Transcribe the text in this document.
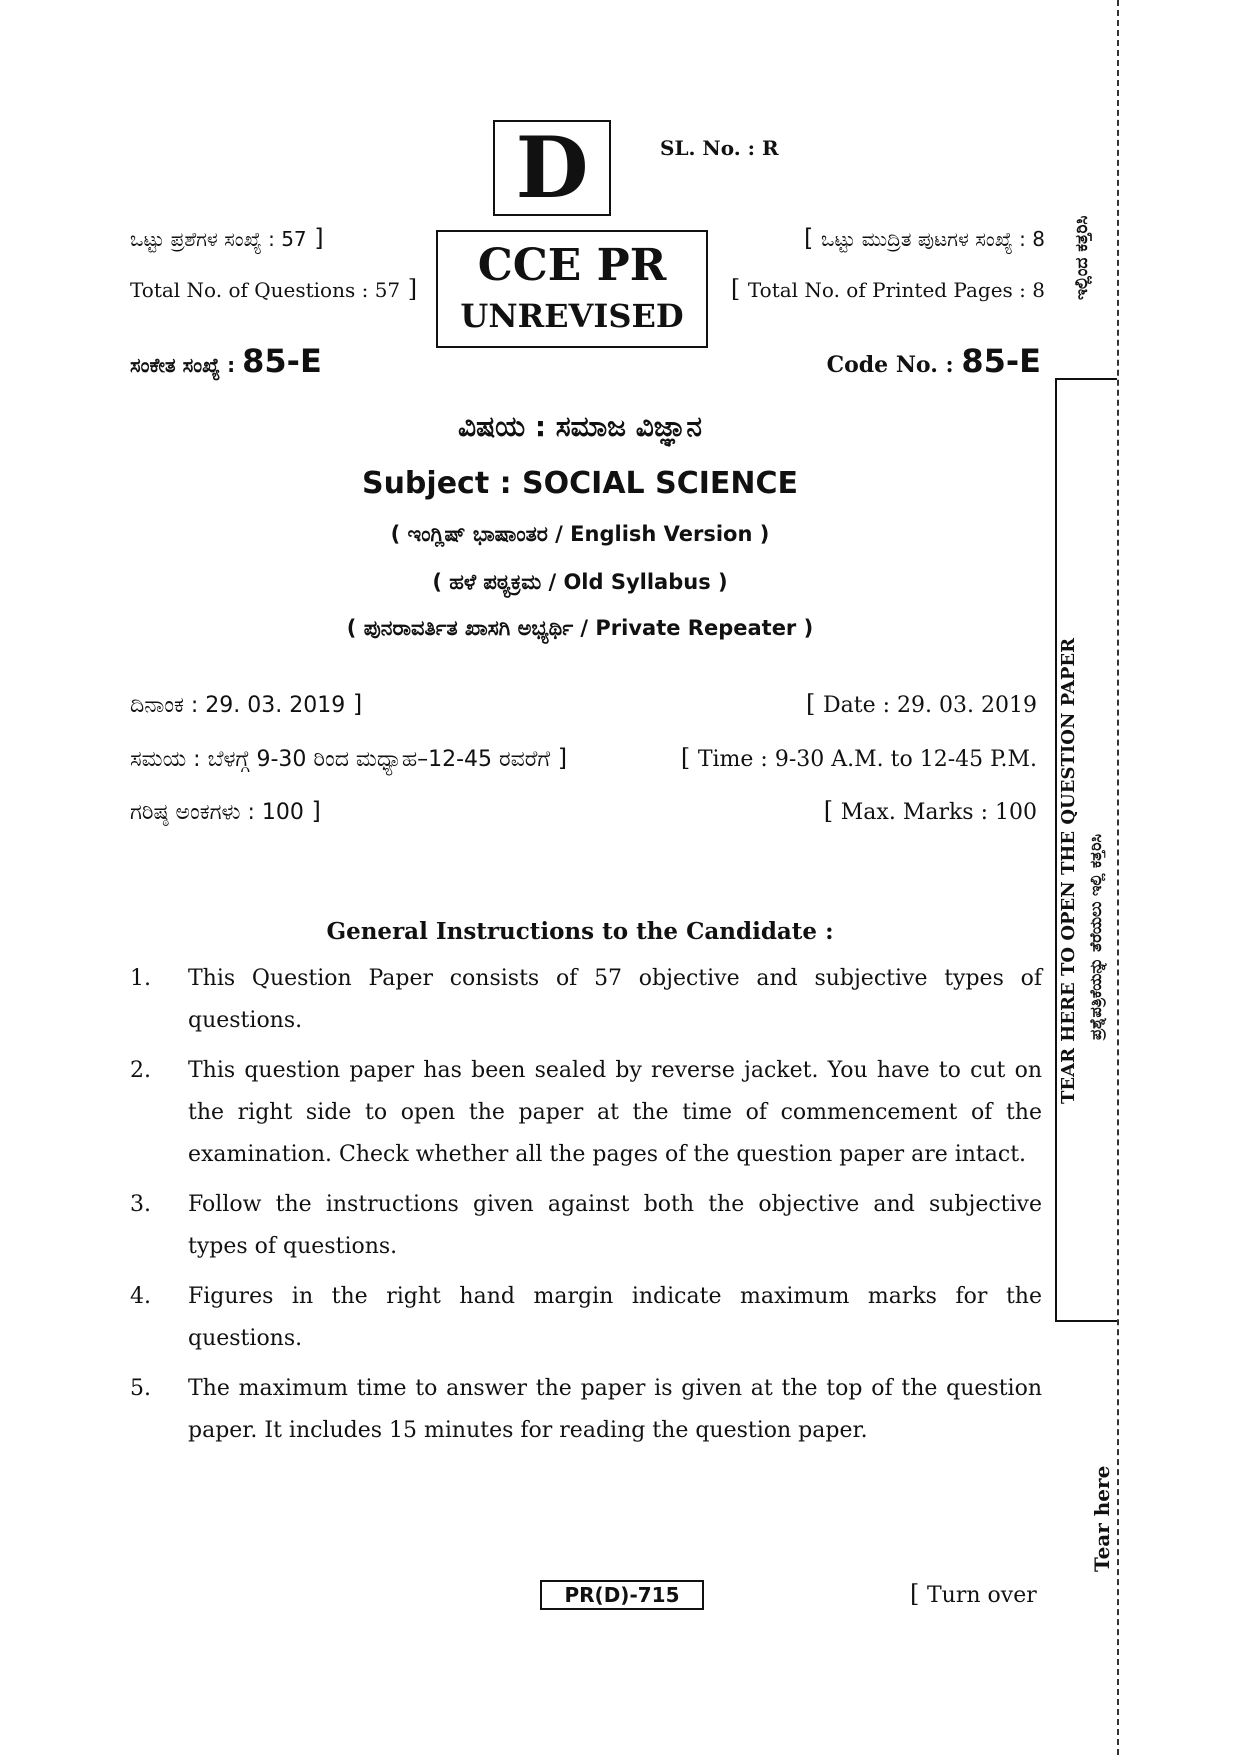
D	SL. No. : R
ಒಟ್ಟು ಪ್ರಶೆಗಳ ಸಂಖ್ಯೆ : 57 ]
Total No. of Questions : 57 ]	CCE PR
UNREVISED
[ ಒಟ್ಟು ಮುದ್ರಿತ ಪುಟಗಳ ಸಂಖ್ಯೆ : 8
[ Total No. of Printed Pages : 8
ಸಂಕೇತ ಸಂಖ್ಯೆ : 85-E	Code No. : 85-E
ವಿಷಯ : ಸಮಾಜ ವಿಜ್ಞಾನ
Subject : SOCIAL SCIENCE
( ಇಂಗ್ಲಿಷ್ ಭಾಷಾಂತರ / English Version )
( ಹಳೆ ಪಠ್ಯಕ್ರಮ / Old Syllabus )
( ಪುನರಾವರ್ತಿತ ಖಾಸಗಿ ಅಭ್ಯರ್ಥಿ / Private Repeater )
ದಿನಾಂಕ : 29. 03. 2019 ]	[ Date : 29. 03. 2019
ಸಮಯ : ಬೆಳಗ್ಗೆ 9-30 ರಿಂದ ಮಧ್ಯಾಹ–12-45 ರವರೆಗೆ ]	[ Time : 9-30 A.M. to 12-45 P.M.
ಗರಿಷ್ಠ ಅಂಕಗಳು : 100 ]	[ Max. Marks : 100
General Instructions to the Candidate :
1.	This Question Paper consists of 57 objective and subjective types of questions.
2.	This question paper has been sealed by reverse jacket. You have to cut on the right side to open the paper at the time of commencement of the examination. Check whether all the pages of the question paper are intact.
3.	Follow the instructions given against both the objective and subjective types of questions.
4.	Figures in the right hand margin indicate maximum marks for the questions.
5.	The maximum time to answer the paper is given at the top of the question paper. It includes 15 minutes for reading the question paper.
PR(D)-715	[ Turn over
ಇಲ್ಲಿಂದ ಕತ್ತರಿಸಿ
TEAR HERE TO OPEN THE QUESTION PAPER ಪ್ರಶ್ನೆಪತ್ರಿಕೆಯನ್ನು ತೆರೆಯಲು ಇಲ್ಲಿ ಕತ್ತರಿಸಿ
Tear here
